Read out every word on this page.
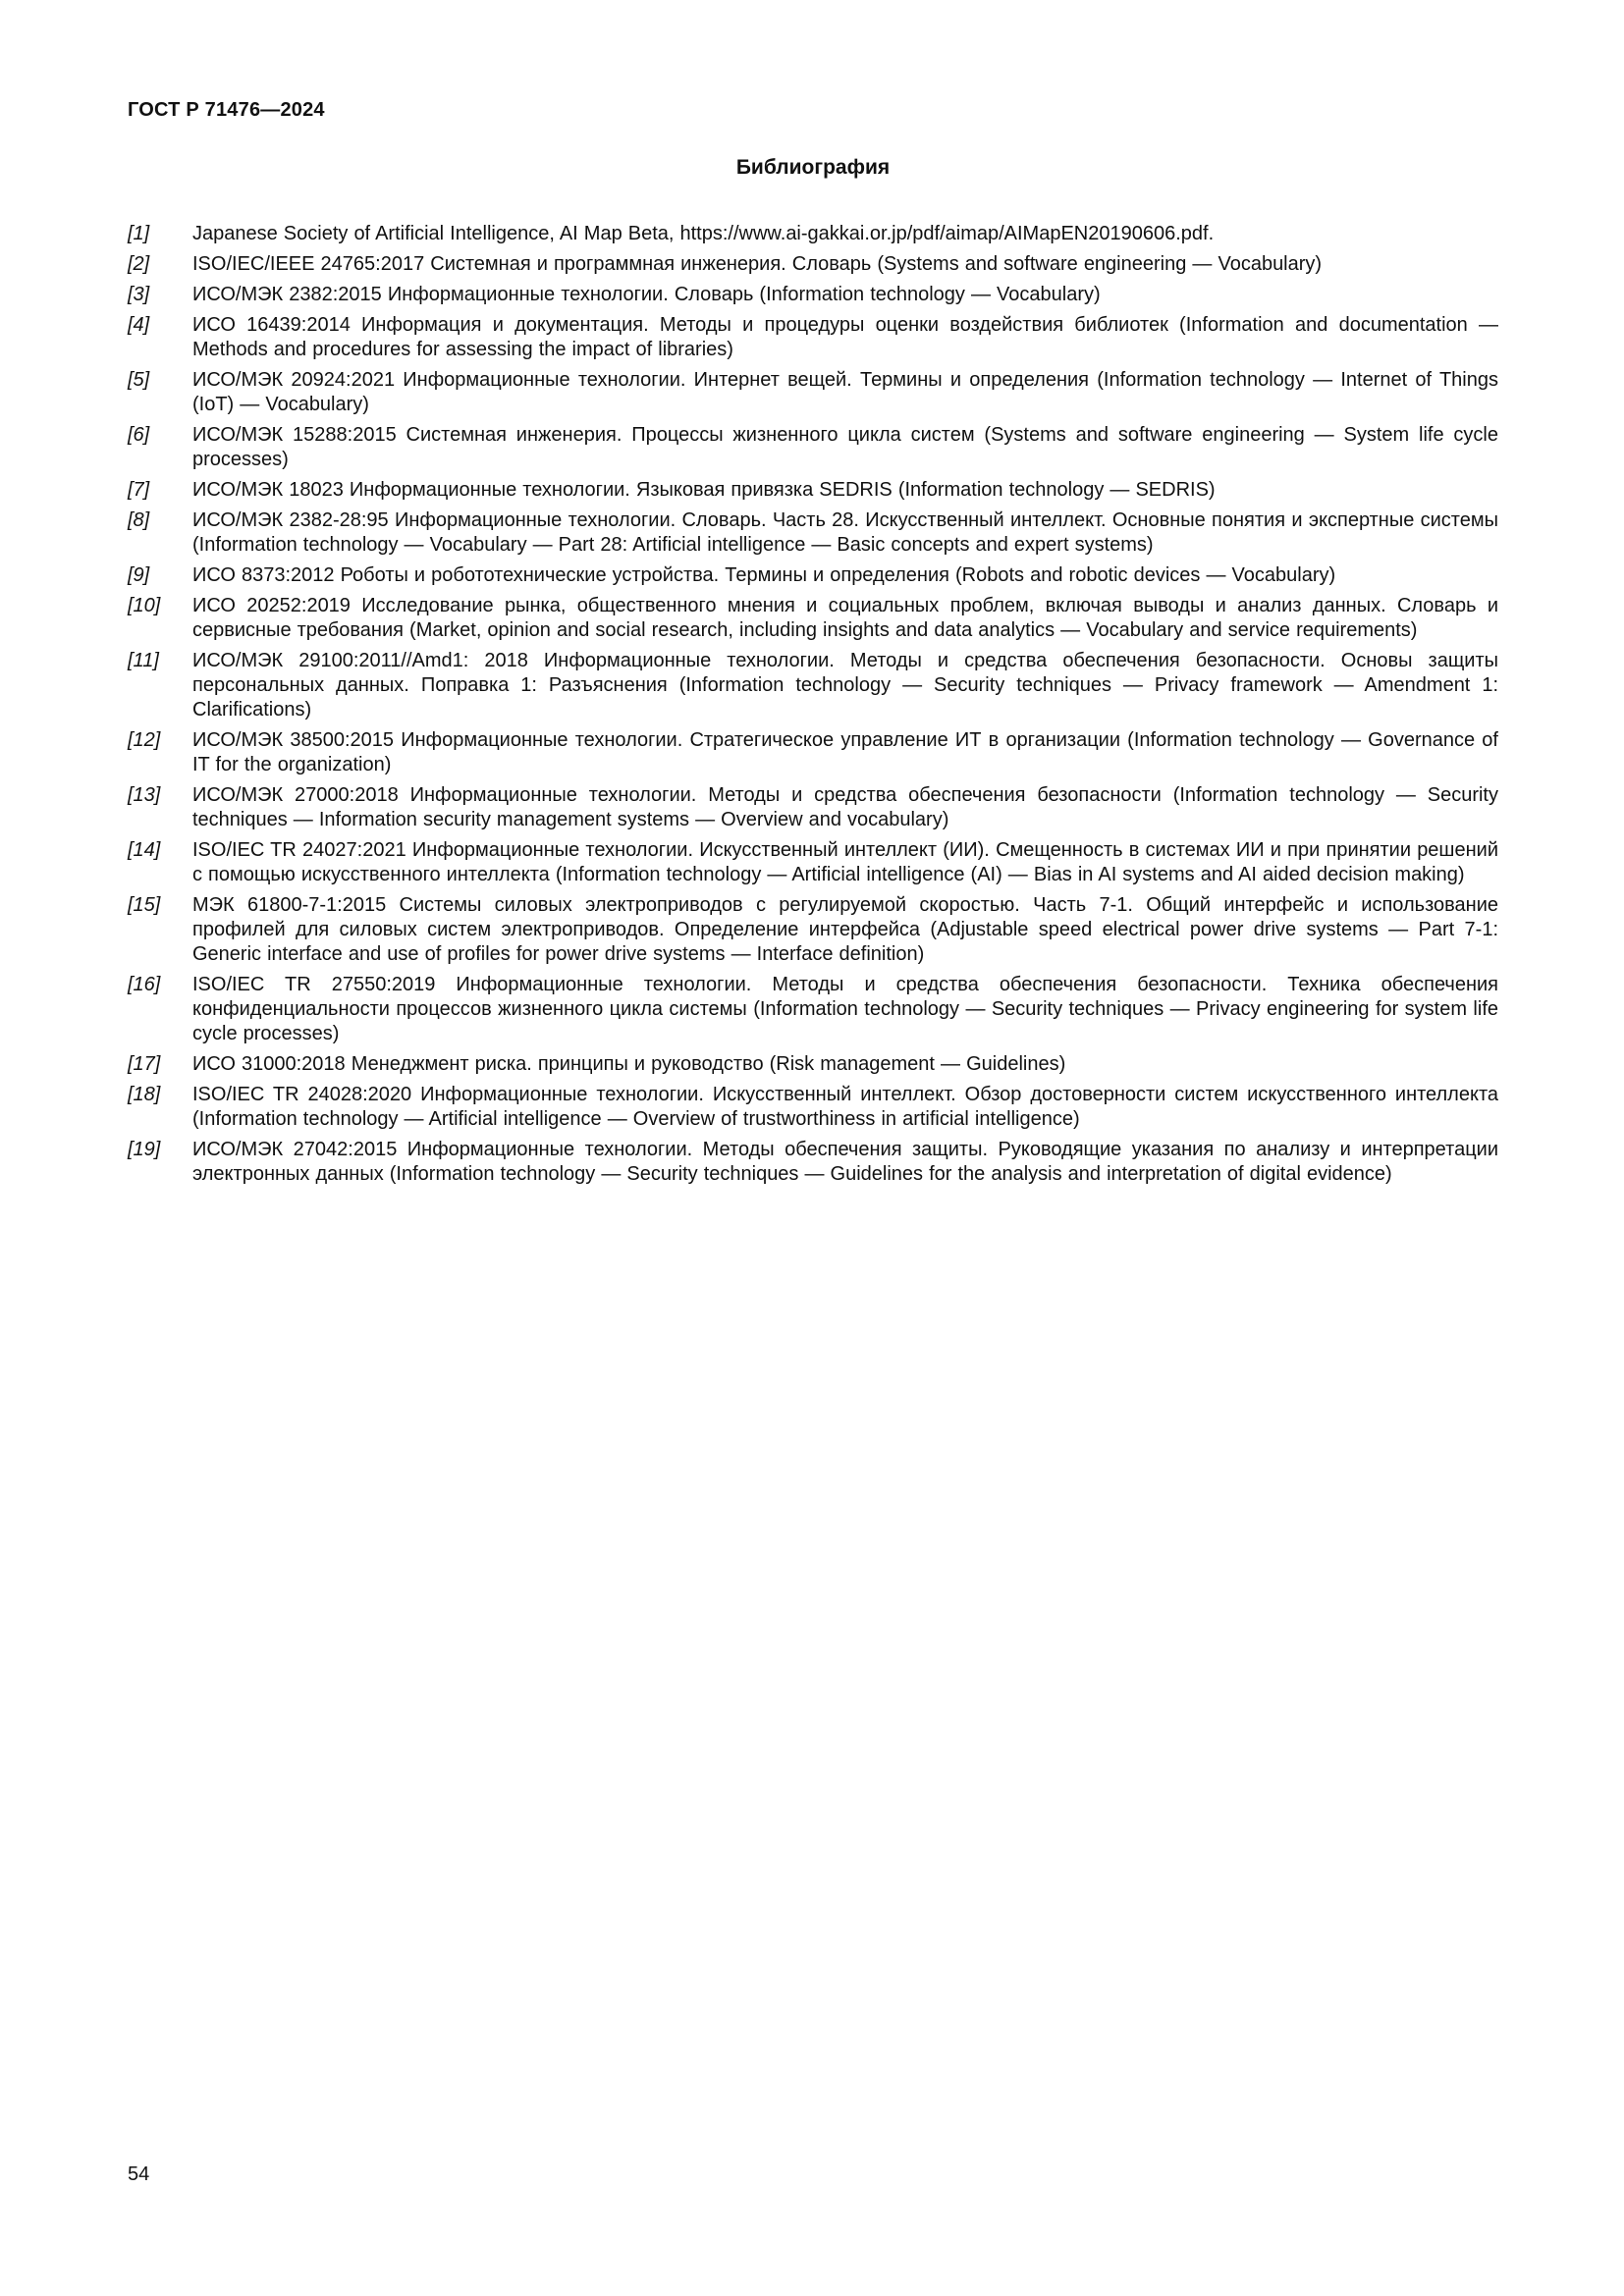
ГОСТ Р 71476—2024
Библиография
[1]	Japanese Society of Artificial Intelligence, AI Map Beta, https://www.ai-gakkai.or.jp/pdf/aimap/AIMapEN20190606.pdf.
[2]	ISO/IEC/IEEE 24765:2017 Системная и программная инженерия. Словарь (Systems and software engineering — Vocabulary)
[3]	ИСО/МЭК 2382:2015 Информационные технологии. Словарь (Information technology — Vocabulary)
[4]	ИСО 16439:2014 Информация и документация. Методы и процедуры оценки воздействия библиотек (Information and documentation — Methods and procedures for assessing the impact of libraries)
[5]	ИСО/МЭК 20924:2021 Информационные технологии. Интернет вещей. Термины и определения (Information technology — Internet of Things (IoT) — Vocabulary)
[6]	ИСО/МЭК 15288:2015 Системная инженерия. Процессы жизненного цикла систем (Systems and software engineering — System life cycle processes)
[7]	ИСО/МЭК 18023 Информационные технологии. Языковая привязка SEDRIS (Information technology — SEDRIS)
[8]	ИСО/МЭК 2382-28:95 Информационные технологии. Словарь. Часть 28. Искусственный интеллект. Основные понятия и экспертные системы (Information technology — Vocabulary — Part 28: Artificial intelligence — Basic concepts and expert systems)
[9]	ИСО 8373:2012 Роботы и робототехнические устройства. Термины и определения (Robots and robotic devices — Vocabulary)
[10]	ИСО 20252:2019 Исследование рынка, общественного мнения и социальных проблем, включая выводы и анализ данных. Словарь и сервисные требования (Market, opinion and social research, including insights and data analytics — Vocabulary and service requirements)
[11]	ИСО/МЭК 29100:2011//Amd1: 2018 Информационные технологии. Методы и средства обеспечения безопасности. Основы защиты персональных данных. Поправка 1: Разъяснения (Information technology — Security techniques — Privacy framework — Amendment 1: Clarifications)
[12]	ИСО/МЭК 38500:2015 Информационные технологии. Стратегическое управление ИТ в организации (Information technology — Governance of IT for the organization)
[13]	ИСО/МЭК 27000:2018 Информационные технологии. Методы и средства обеспечения безопасности (Information technology — Security techniques — Information security management systems — Overview and vocabulary)
[14]	ISO/IEC TR 24027:2021 Информационные технологии. Искусственный интеллект (ИИ). Смещенность в системах ИИ и при принятии решений с помощью искусственного интеллекта (Information technology — Artificial intelligence (AI) — Bias in AI systems and AI aided decision making)
[15]	МЭК 61800-7-1:2015 Системы силовых электроприводов с регулируемой скоростью. Часть 7-1. Общий интерфейс и использование профилей для силовых систем электроприводов. Определение интерфейса (Adjustable speed electrical power drive systems — Part 7-1: Generic interface and use of profiles for power drive systems — Interface definition)
[16]	ISO/IEC TR 27550:2019 Информационные технологии. Методы и средства обеспечения безопасности. Техника обеспечения конфиденциальности процессов жизненного цикла системы (Information technology — Security techniques — Privacy engineering for system life cycle processes)
[17]	ИСО 31000:2018 Менеджмент риска. принципы и руководство (Risk management — Guidelines)
[18]	ISO/IEC TR 24028:2020 Информационные технологии. Искусственный интеллект. Обзор достоверности систем искусственного интеллекта (Information technology — Artificial intelligence — Overview of trustworthiness in artificial intelligence)
[19]	ИСО/МЭК 27042:2015 Информационные технологии. Методы обеспечения защиты. Руководящие указания по анализу и интерпретации электронных данных (Information technology — Security techniques — Guidelines for the analysis and interpretation of digital evidence)
54
